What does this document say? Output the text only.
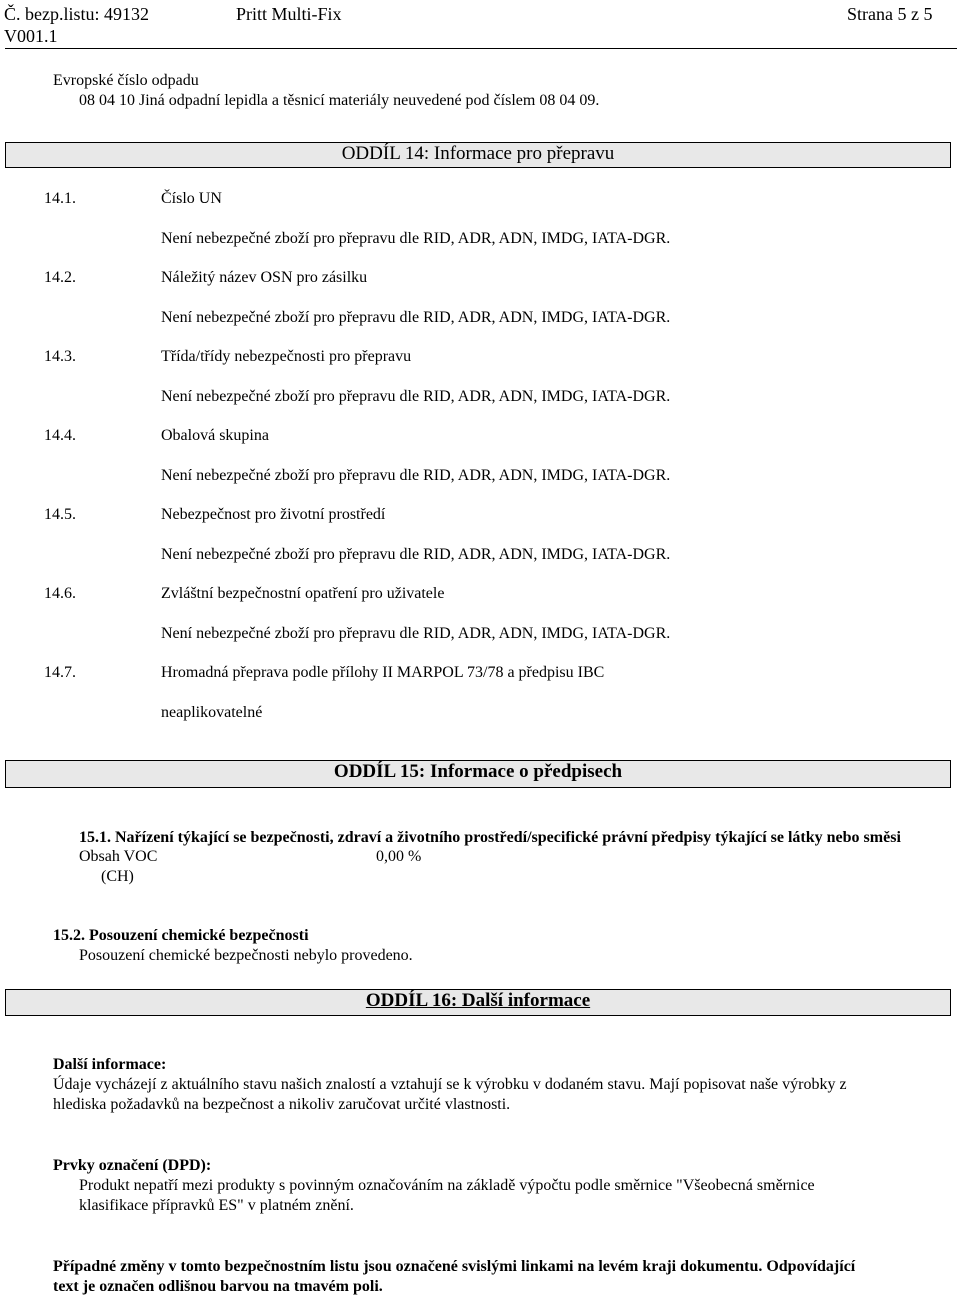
Č. bezp.listu: 49132
V001.1
Pritt Multi-Fix	Strana 5 z 5
Evropské číslo odpadu
08 04 10 Jiná odpadní lepidla a těsnicí materiály neuvedené pod číslem 08 04 09.
ODDÍL 14: Informace pro přepravu
14.1.	Číslo UN
Není nebezpečné zboží pro přepravu dle RID, ADR, ADN, IMDG, IATA-DGR.
14.2.	Náležitý název OSN pro zásilku
Není nebezpečné zboží pro přepravu dle RID, ADR, ADN, IMDG, IATA-DGR.
14.3.	Třída/třídy nebezpečnosti pro přepravu
Není nebezpečné zboží pro přepravu dle RID, ADR, ADN, IMDG, IATA-DGR.
14.4.	Obalová skupina
Není nebezpečné zboží pro přepravu dle RID, ADR, ADN, IMDG, IATA-DGR.
14.5.	Nebezpečnost pro životní prostředí
Není nebezpečné zboží pro přepravu dle RID, ADR, ADN, IMDG, IATA-DGR.
14.6.	Zvláštní bezpečnostní opatření pro uživatele
Není nebezpečné zboží pro přepravu dle RID, ADR, ADN, IMDG, IATA-DGR.
14.7.	Hromadná přeprava podle přílohy II MARPOL 73/78 a předpisu IBC
neaplikovatelné
ODDÍL 15: Informace o předpisech
15.1. Nařízení týkající se bezpečnosti, zdraví a životního prostředí/specifické právní předpisy týkající se látky nebo směsi
Obsah VOC	0,00 %
(CH)
15.2. Posouzení chemické bezpečnosti
Posouzení chemické bezpečnosti nebylo provedeno.
ODDÍL 16: Další informace
Další informace:
Údaje vycházejí z aktuálního stavu našich znalostí a vztahují se k výrobku v dodaném stavu. Mají popisovat naše výrobky z
hlediska požadavků na bezpečnost a nikoliv zaručovat určité vlastnosti.
Prvky označení (DPD):
Produkt nepatří mezi produkty s povinným označováním na základě výpočtu podle směrnice "Všeobecná směrnice
klasifikace přípravků ES" v platném znění.
Případné změny v tomto bezpečnostním listu jsou označené svislými linkami na levém kraji dokumentu. Odpovídající
text je označen odlišnou barvou na tmavém poli.
